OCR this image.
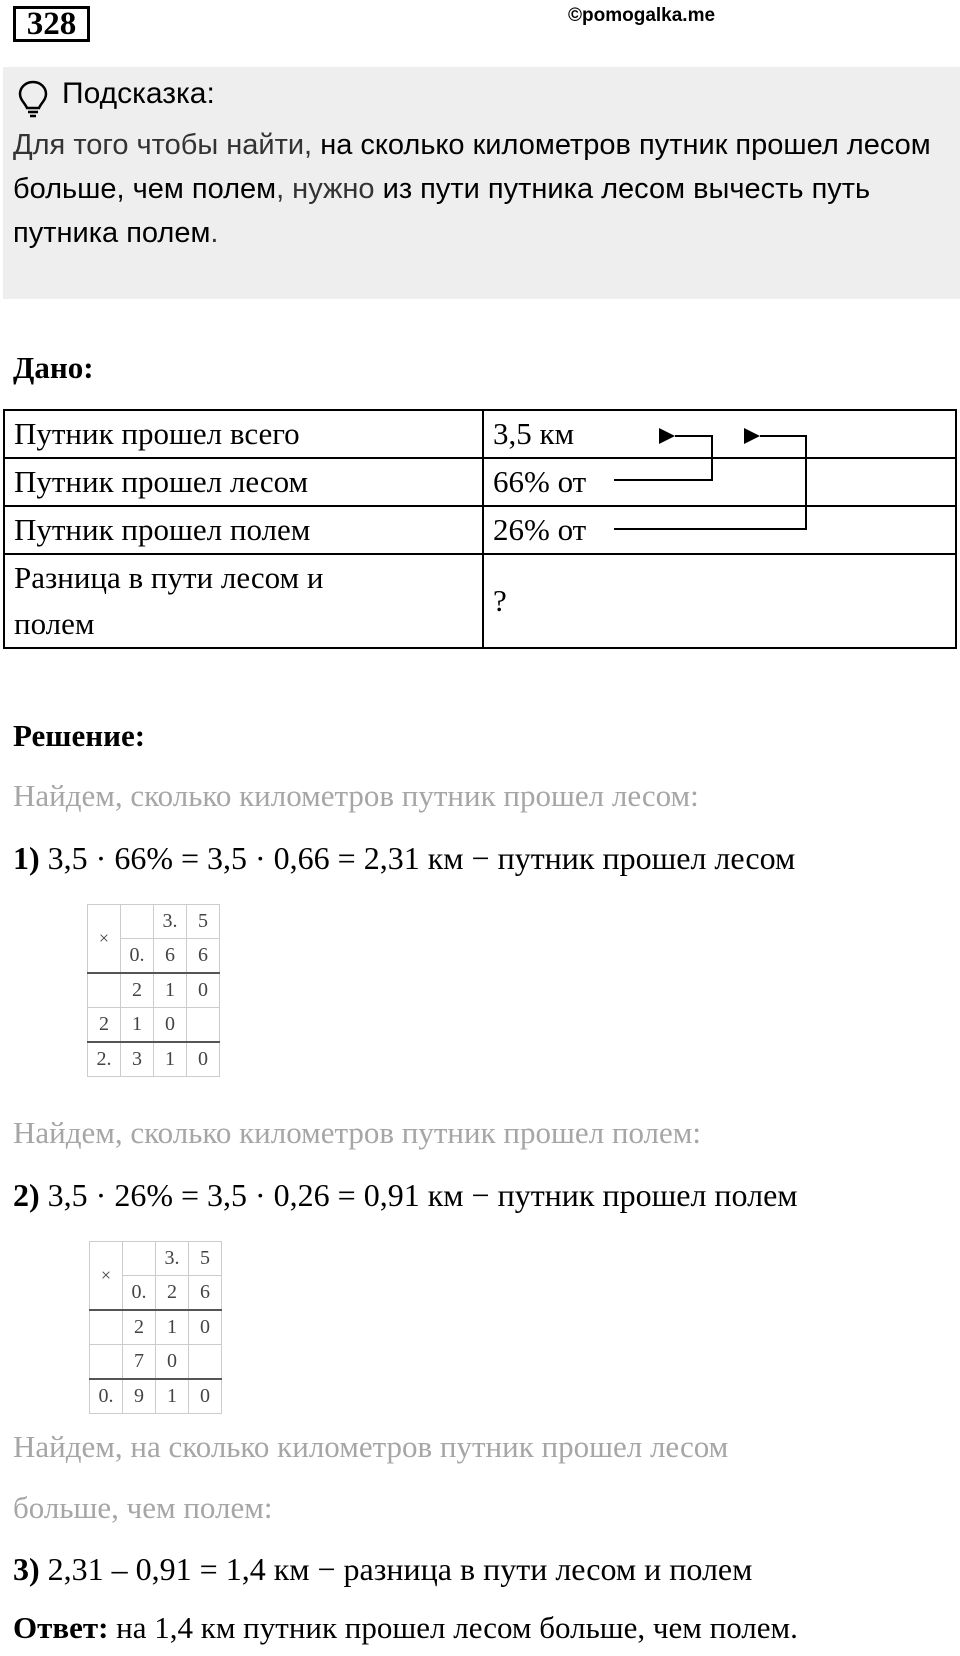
328	©pomogalka.me
Подсказка:
Для того чтобы найти, на сколько километров путник прошел лесом больше, чем полем, нужно из пути путника лесом вычесть путь путника полем.
Дано:
Путник прошел всего	3,5 км
Путник прошел лесом	66% от
Путник прошел полем	26% от
Разница в пути лесом и
полем	?
Решение:
Найдем, сколько километров путник прошел лесом:
1) 3,5 · 66% = 3,5 · 0,66 = 2,31 км − путник прошел лесом
×		3.	5
	0.	6	6
	2	1	0
2	1	0	
2.	3	1	0
Найдем, сколько километров путник прошел полем:
2) 3,5 · 26% = 3,5 · 0,26 = 0,91 км − путник прошел полем
×		3.	5
	0.	2	6
	2	1	0
	7	0	
0.	9	1	0
Найдем, на сколько километров путник прошел лесом
больше, чем полем:
3) 2,31 – 0,91 = 1,4 км − разница в пути лесом и полем
Ответ: на 1,4 км путник прошел лесом больше, чем полем.
